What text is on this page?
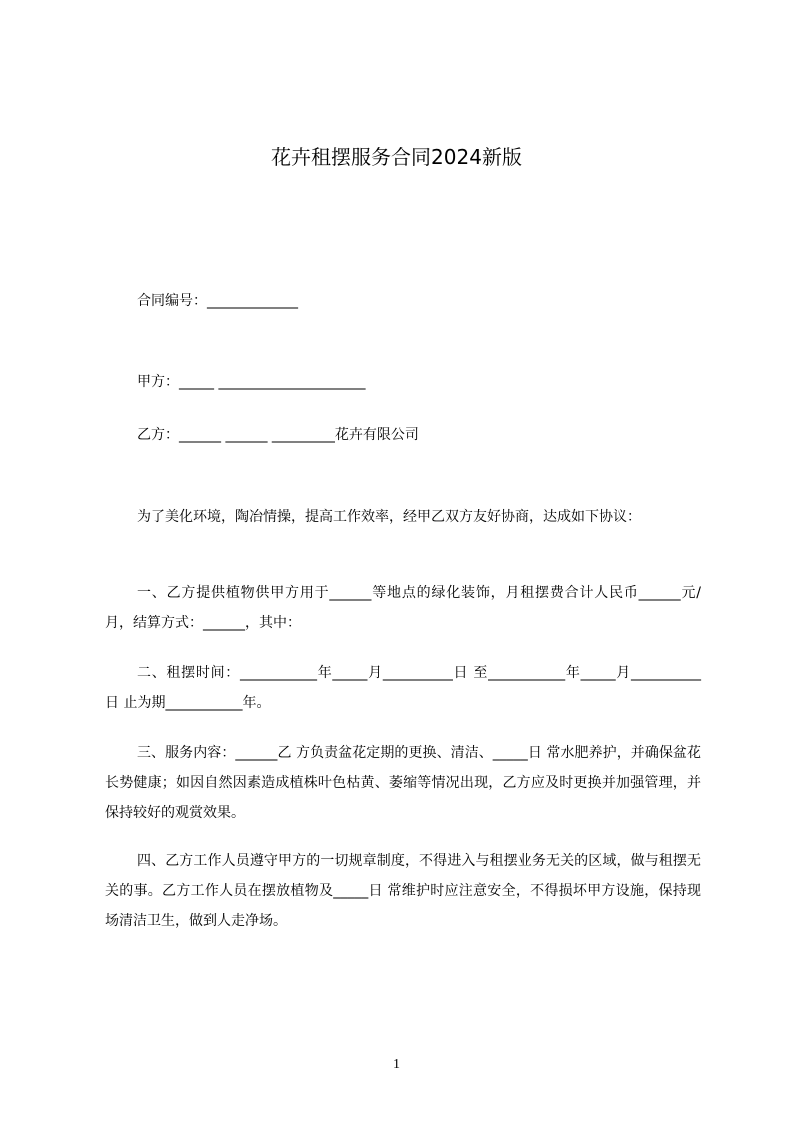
花卉租摆服务合同2024新版
合同编号：_____________
甲方：_____ _____________________
乙方：______ ______ _________花卉有限公司
为了美化环境，陶冶情操，提高工作效率，经甲乙双方友好协商，达成如下协议：
一、乙方提供植物供甲方用于______等地点的绿化装饰，月租摆费合计人民币______元/月，结算方式：______，其中：
二、租摆时间：___________年_____月__________日 至___________年_____月__________日 止为期___________年。
三、服务内容：______乙 方负责盆花定期的更换、清洁、_____日 常水肥养护，并确保盆花长势健康；如因自然因素造成植株叶色枯黄、萎缩等情况出现，乙方应及时更换并加强管理，并保持较好的观赏效果。
四、乙方工作人员遵守甲方的一切规章制度，不得进入与租摆业务无关的区域，做与租摆无关的事。乙方工作人员在摆放植物及_____日 常维护时应注意安全，不得损坏甲方设施，保持现场清洁卫生，做到人走净场。
1
